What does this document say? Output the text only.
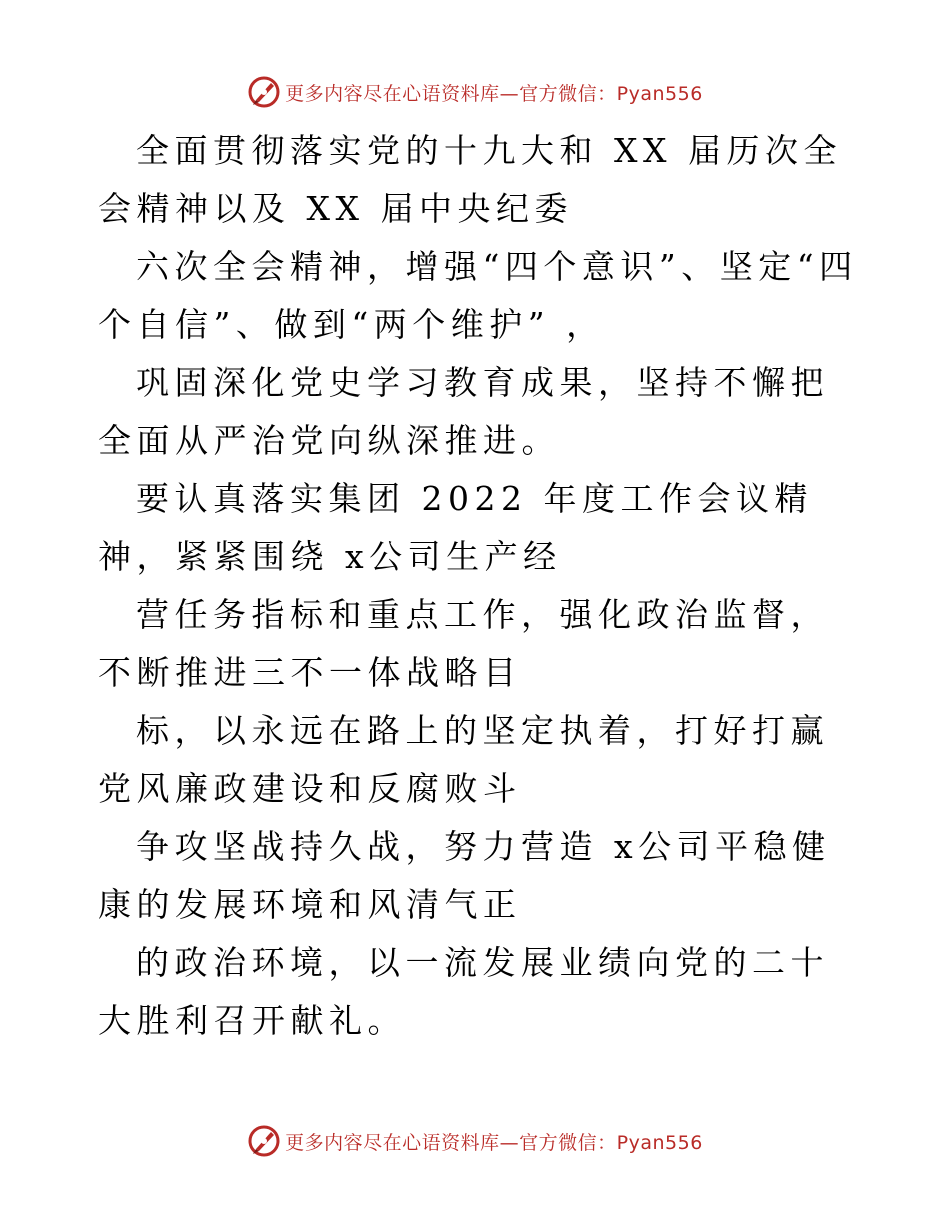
更多内容尽在心语资料库—官方微信：Pyan556

全面贯彻落实党的十九大和 XX 届历次全会精神以及 XX 届中央纪委

六次全会精神，增强“四个意识”、坚定“四个自信”、做到“两个维护” ，

巩固深化党史学习教育成果，坚持不懈把全面从严治党向纵深推进。

要认真落实集团 2022 年度工作会议精神，紧紧围绕 x公司生产经

营任务指标和重点工作，强化政治监督，不断推进三不一体战略目

标，以永远在路上的坚定执着，打好打赢党风廉政建设和反腐败斗

争攻坚战持久战，努力营造 x公司平稳健康的发展环境和风清气正

的政治环境，以一流发展业绩向党的二十大胜利召开献礼。

更多内容尽在心语资料库—官方微信：Pyan556
